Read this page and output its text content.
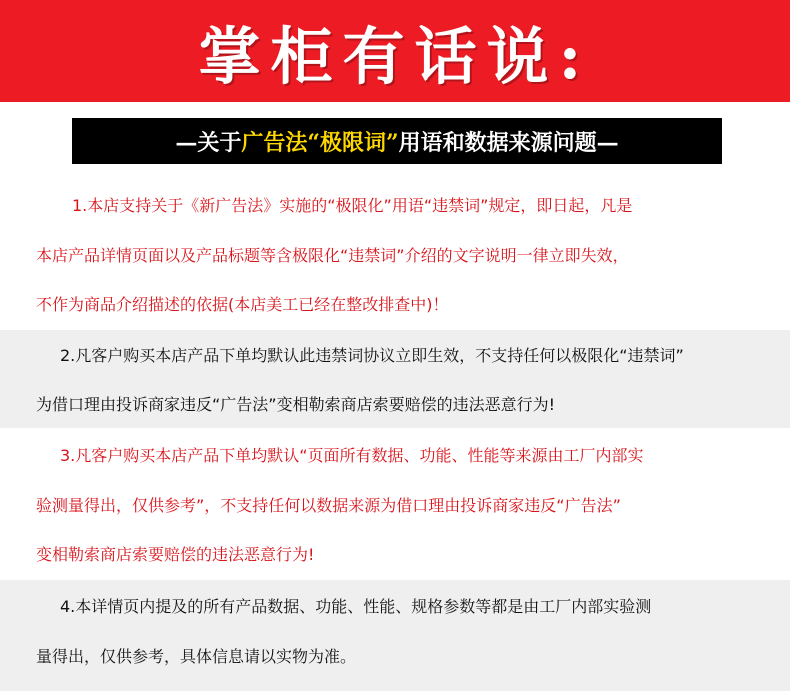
掌柜有话说:
—关于 广告法“极限词” 用语和数据来源问题—
1.本店支持关于《新广告法》实施的“极限化”用语“违禁词”规定，即日起，凡是
本店产品详情页面以及产品标题等含极限化“违禁词”介绍的文字说明一律立即失效，
不作为商品介绍描述的依据(本店美工已经在整改排查中)！
2.凡客户购买本店产品下单均默认此违禁词协议立即生效，不支持任何以极限化“违禁词”
为借口理由投诉商家违反“广告法”变相勒索商店索要赔偿的违法恶意行为!
3.凡客户购买本店产品下单均默认“页面所有数据、功能、性能等来源由工厂内部实
验测量得出，仅供参考”，不支持任何以数据来源为借口理由投诉商家违反“广告法”
变相勒索商店索要赔偿的违法恶意行为!
4.本详情页内提及的所有产品数据、功能、性能、规格参数等都是由工厂内部实验测
量得出，仅供参考，具体信息请以实物为准。
